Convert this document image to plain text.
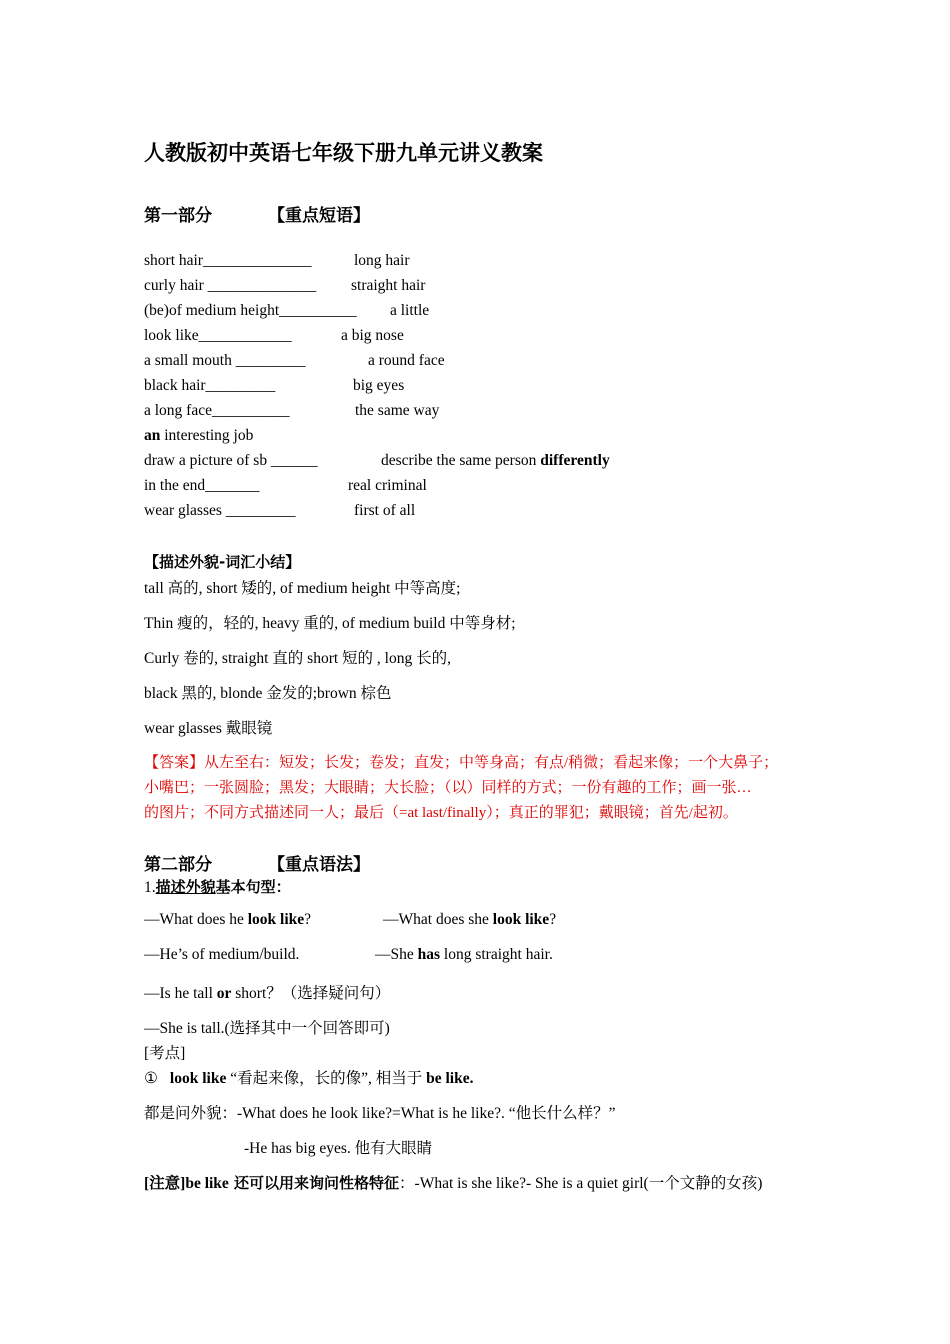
人教版初中英语七年级下册九单元讲义教案
第一部分	【重点短语】
short hair______________	long hair
curly hair ______________ straight hair
(be)of medium height__________ a little
look like____________	a big nose
a small mouth _________	a round face
black hair_________	big eyes
a long face__________	the same way
an interesting job
draw a picture of sb ______	describe the same person differently
in the end_______	real criminal
wear glasses _________	first of all
【描述外貌-词汇小结】
tall 高的, short 矮的, of medium height 中等高度;
Thin 瘦的，轻的, heavy 重的, of medium build 中等身材;
Curly 卷的, straight 直的 short 短的 , long 长的,
black 黑的, blonde 金发的;brown 棕色
wear glasses 戴眼镜
【答案】从左至右：短发；长发；卷发；直发；中等身高；有点/稍微；看起来像；一个大鼻子；
小嘴巴；一张圆脸；黑发；大眼睛；大长脸；（以）同样的方式；一份有趣的工作；画一张…
的图片；不同方式描述同一人；最后（=at last/finally）；真正的罪犯；戴眼镜；首先/起初。
第二部分	【重点语法】
1.描述外貌基本句型：
—What does he look like?	—What does she look like?
—He’s of medium/build.	—She has long straight hair.
—Is he tall or short？（选择疑问句）
—She is tall.(选择其中一个回答即可)
[考点]
① look like “看起来像，长的像”, 相当于 be like.
都是问外貌：-What does he look like?=What is he like?. “他长什么样？”
-He has big eyes. 他有大眼睛
[注意]be like 还可以用来询问性格特征：-What is she like?- She is a quiet girl(一个文静的女孩)
